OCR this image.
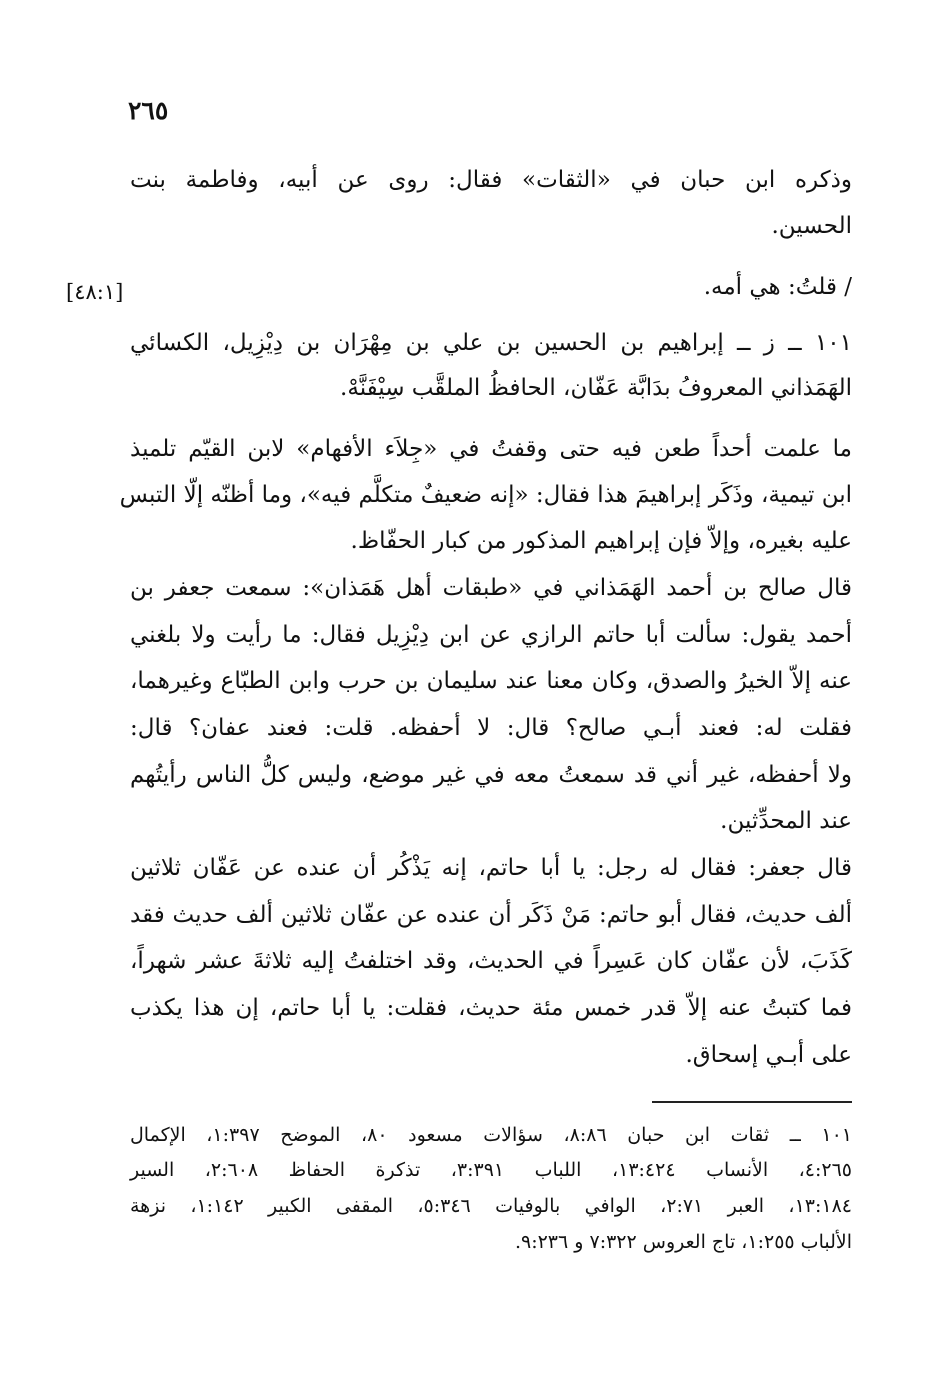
٢٦٥
[٤٨:١]
وذكره ابن حبان في «الثقات» فقال: روى عن أبيه، وفاطمة بنت
الحسين.
/ قلتُ: هي أمه.
١٠١ ــ ز ــ إبراهيم بن الحسين بن علي بن مِهْرَان بن دِيْزِيل، الكسائي
الهَمَذاني المعروفُ بدَابَّة عَفّان، الحافظُ الملقَّب سِيْفَنَّهْ.
ما علمت أحداً طعن فيه حتى وقفتُ في «جِلاَء الأفهام» لابن القيّم تلميذ
ابن تيمية، وذَكَر إبراهيمَ هذا فقال: «إنه ضعيفٌ متكلَّم فيه»، وما أظنّه إلّا التبس
عليه بغيره، وإلاّ فإن إبراهيم المذكور من كبار الحفّاظ.
قال صالح بن أحمد الهَمَذاني في «طبقات أهل هَمَذان»: سمعت جعفر بن
أحمد يقول: سألت أبا حاتم الرازي عن ابن دِيْزِيل فقال: ما رأيت ولا بلغني
عنه إلاّ الخيرُ والصدق، وكان معنا عند سليمان بن حرب وابن الطبّاع وغيرهما،
فقلت له: فعند أبـي صالح؟ قال: لا أحفظه. قلت: فعند عفان؟ قال:
ولا أحفظه، غير أني قد سمعتُ معه في غير موضع، وليس كلُّ الناس رأيتُهم
عند المحدِّثين.
قال جعفر: فقال له رجل: يا أبا حاتم، إنه يَذْكُر أن عنده عن عَفّان ثلاثين
ألف حديث، فقال أبو حاتم: مَنْ ذَكَر أن عنده عن عفّان ثلاثين ألف حديث فقد
كَذَبَ، لأن عفّان كان عَسِراً في الحديث، وقد اختلفتُ إليه ثلاثةَ عشر شهراً،
فما كتبتُ عنه إلاّ قدر خمس مئة حديث، فقلت: يا أبا حاتم، إن هذا يكذب
على أبـي إسحاق.
١٠١ ــ ثقات ابن حبان ٨:٨٦، سؤالات مسعود ٨٠، الموضح ١:٣٩٧، الإكمال
٤:٢٦٥، الأنساب ١٣:٤٢٤، اللباب ٣:٣٩١، تذكرة الحفاظ ٢:٦٠٨، السير
١٣:١٨٤، العبر ٢:٧١، الوافي بالوفيات ٥:٣٤٦، المقفى الكبير ١:١٤٢، نزهة
الألباب ١:٢٥٥، تاج العروس ٧:٣٢٢ و ٩:٢٣٦.
